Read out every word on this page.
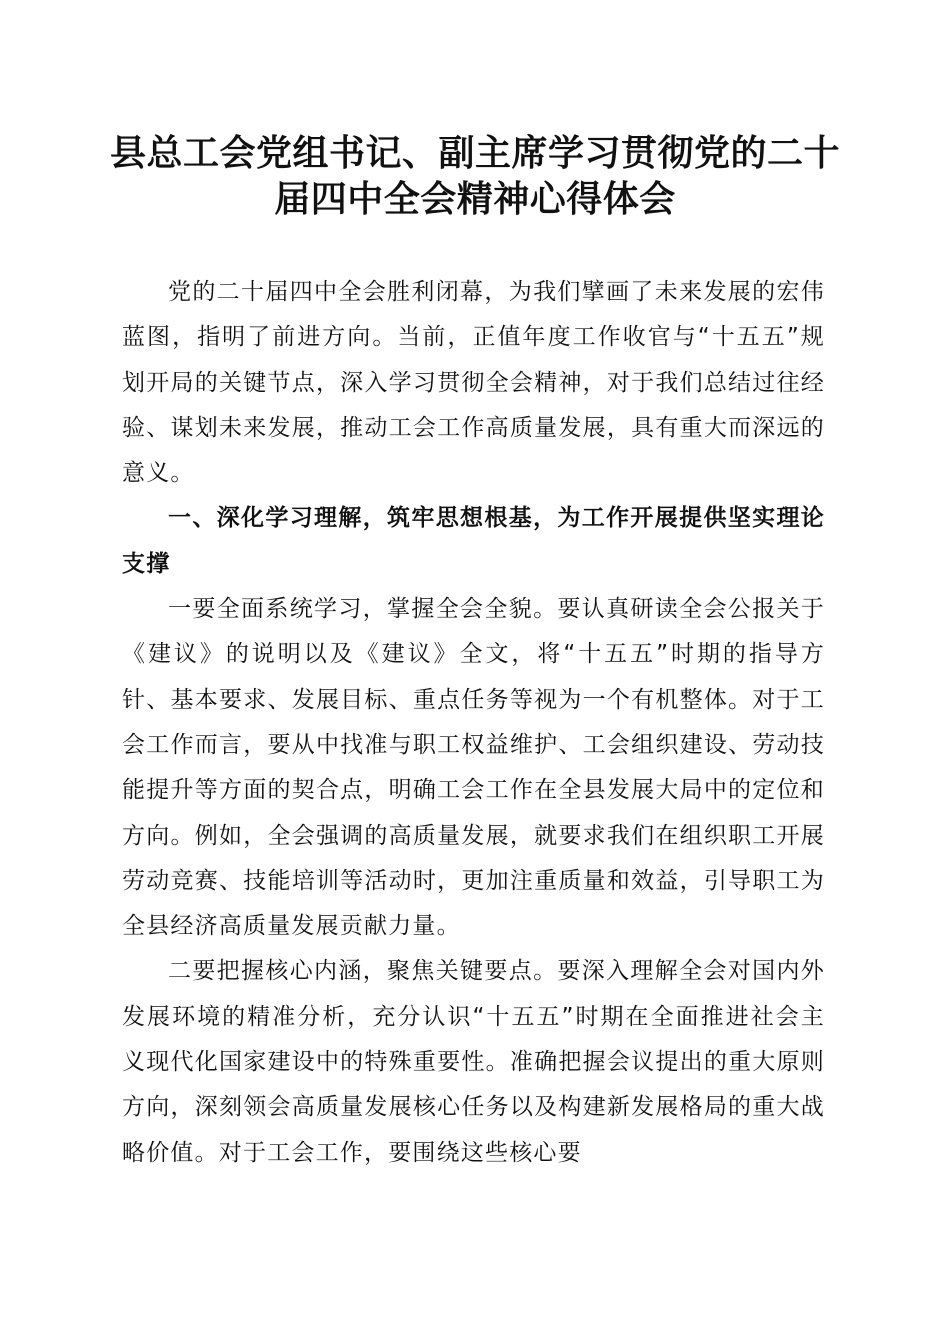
县总工会党组书记、副主席学习贯彻党的二十届四中全会精神心得体会

党的二十届四中全会胜利闭幕，为我们擘画了未来发展的宏伟蓝图，指明了前进方向。当前，正值年度工作收官与“十五五”规划开局的关键节点，深入学习贯彻全会精神，对于我们总结过往经验、谋划未来发展，推动工会工作高质量发展，具有重大而深远的意义。

一、深化学习理解，筑牢思想根基，为工作开展提供坚实理论支撑

一要全面系统学习，掌握全会全貌。要认真研读全会公报关于《建议》的说明以及《建议》全文，将“十五五”时期的指导方针、基本要求、发展目标、重点任务等视为一个有机整体。对于工会工作而言，要从中找准与职工权益维护、工会组织建设、劳动技能提升等方面的契合点，明确工会工作在全县发展大局中的定位和方向。例如，全会强调的高质量发展，就要求我们在组织职工开展劳动竞赛、技能培训等活动时，更加注重质量和效益，引导职工为全县经济高质量发展贡献力量。

二要把握核心内涵，聚焦关键要点。要深入理解全会对国内外发展环境的精准分析，充分认识“十五五”时期在全面推进社会主义现代化国家建设中的特殊重要性。准确把握会议提出的重大原则方向，深刻领会高质量发展核心任务以及构建新发展格局的重大战略价值。对于工会工作，要围绕这些核心要
